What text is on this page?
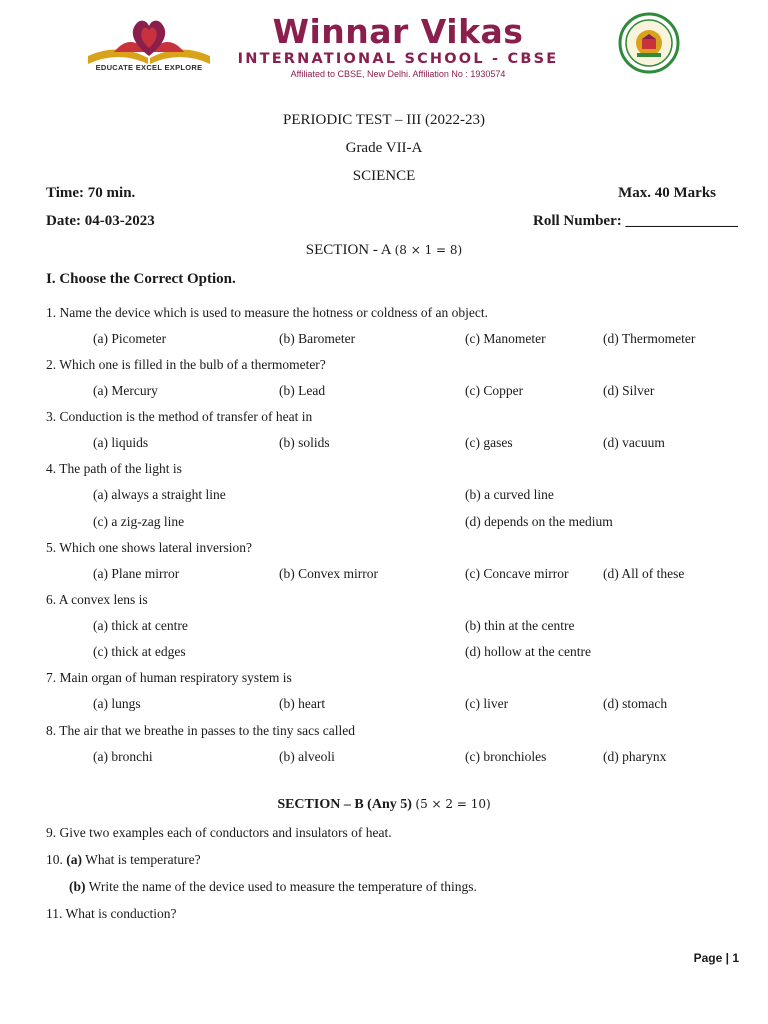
EDUCATE EXCEL EXPLORE
Winnar Vikas
INTERNATIONAL SCHOOL - CBSE
Affiliated to CBSE, New Delhi. Affiliation No : 1930574
PERIODIC TEST – III (2022-23)
Grade VII-A
SCIENCE
Time: 70 min.	Max. 40 Marks
Date: 04-03-2023	Roll Number: _______________
SECTION - A (8 × 1 = 8)
I. Choose the Correct Option.
1. Name the device which is used to measure the hotness or coldness of an object.
(a) Picometer	(b) Barometer	(c) Manometer	(d) Thermometer
2. Which one is filled in the bulb of a thermometer?
(a) Mercury	(b) Lead	(c) Copper	(d) Silver
3. Conduction is the method of transfer of heat in
(a) liquids	(b) solids	(c) gases	(d) vacuum
4. The path of the light is
(a) always a straight line	(b) a curved line
(c) a zig-zag line	(d) depends on the medium
5. Which one shows lateral inversion?
(a) Plane mirror	(b) Convex mirror	(c) Concave mirror	(d) All of these
6. A convex lens is
(a) thick at centre	(b) thin at the centre
(c) thick at edges	(d) hollow at the centre
7. Main organ of human respiratory system is
(a) lungs	(b) heart	(c) liver	(d) stomach
8. The air that we breathe in passes to the tiny sacs called
(a) bronchi	(b) alveoli	(c) bronchioles	(d) pharynx
SECTION – B (Any 5) (5 × 2 = 10)
9. Give two examples each of conductors and insulators of heat.
10. (a) What is temperature?
(b) Write the name of the device used to measure the temperature of things.
11. What is conduction?
Page | 1
